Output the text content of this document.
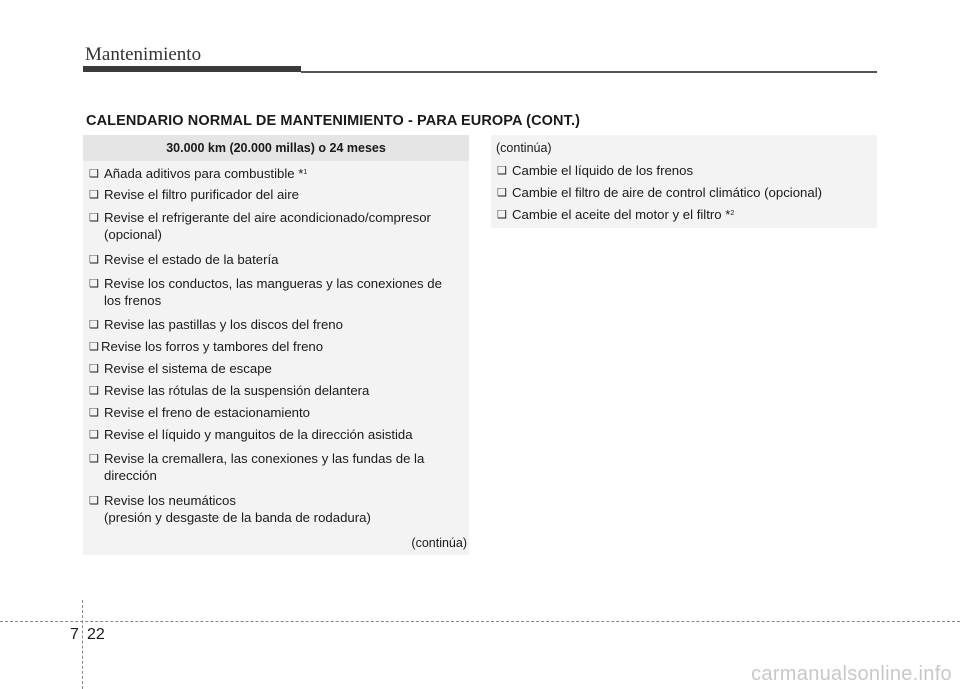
Mantenimiento
CALENDARIO NORMAL DE MANTENIMIENTO - PARA EUROPA (CONT.)
30.000 km (20.000 millas) o 24 meses
❑ Añada aditivos para combustible *$^1$
❑ Revise el filtro purificador del aire
❑ Revise el refrigerante del aire acondicionado/compresor
(opcional)
❑ Revise el estado de la batería
❑ Revise los conductos, las mangueras y las conexiones de
los frenos
❑ Revise las pastillas y los discos del freno
❑ Revise los forros y tambores del freno
❑ Revise el sistema de escape
❑ Revise las rótulas de la suspensión delantera
❑ Revise el freno de estacionamiento
❑ Revise el líquido y manguitos de la dirección asistida
❑ Revise la cremallera, las conexiones y las fundas de la
dirección
❑ Revise los neumáticos
(presión y desgaste de la banda de rodadura)
(continúa)
(continúa)
❑ Cambie el líquido de los frenos
❑ Cambie el filtro de aire de control climático (opcional)
❑ Cambie el aceite del motor y el filtro *$^2$
7 22
carmanualsonline.info
